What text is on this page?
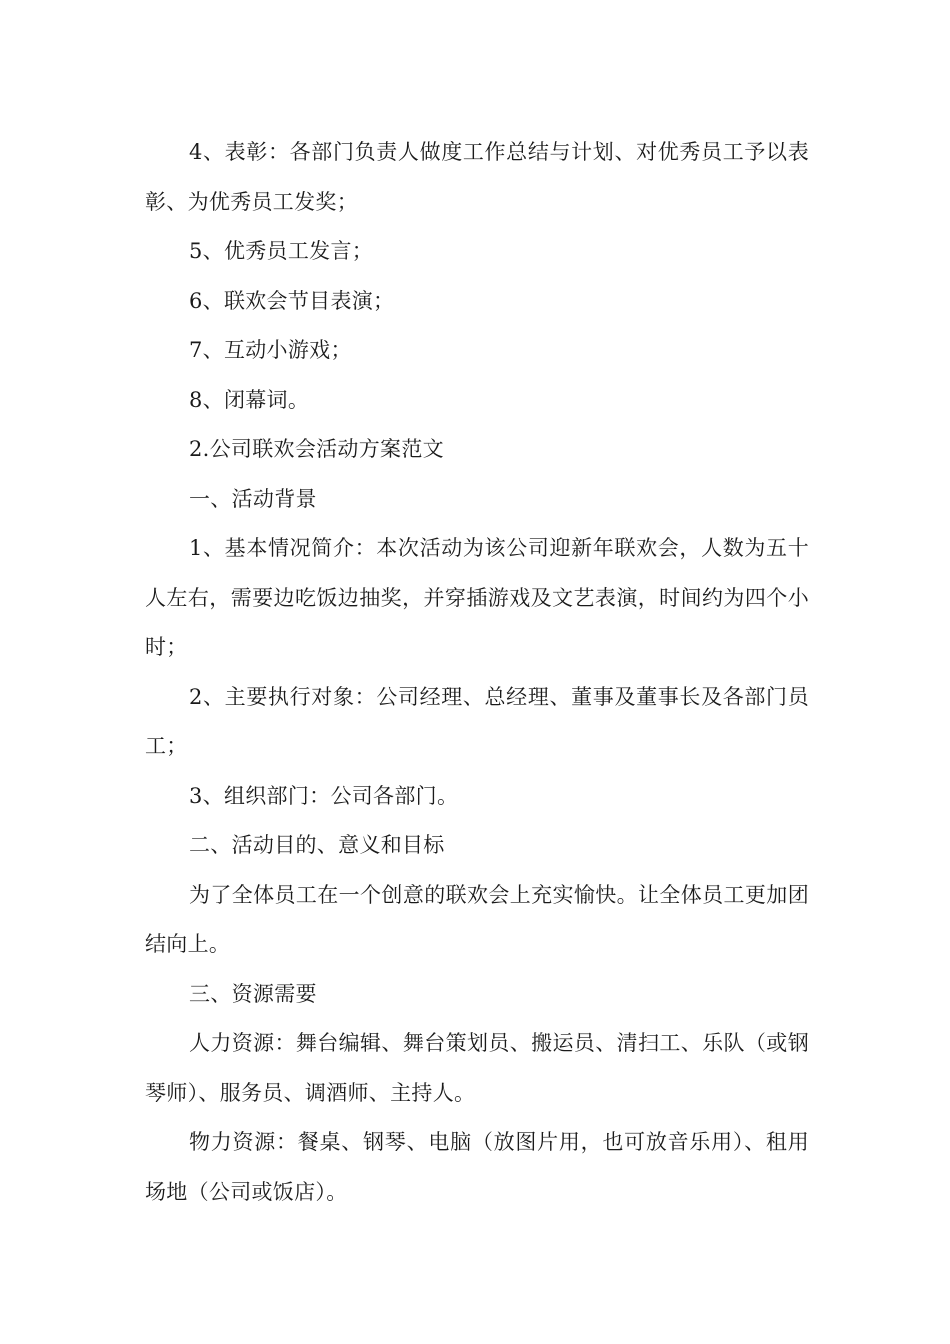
4、表彰：各部门负责人做度工作总结与计划、对优秀员工予以表彰、为优秀员工发奖；

5、优秀员工发言；

6、联欢会节目表演；

7、互动小游戏；

8、闭幕词。

2.公司联欢会活动方案范文

一、活动背景

1、基本情况简介：本次活动为该公司迎新年联欢会，人数为五十人左右，需要边吃饭边抽奖，并穿插游戏及文艺表演，时间约为四个小时；

2、主要执行对象：公司经理、总经理、董事及董事长及各部门员工；

3、组织部门：公司各部门。

二、活动目的、意义和目标

为了全体员工在一个创意的联欢会上充实愉快。让全体员工更加团结向上。

三、资源需要

人力资源：舞台编辑、舞台策划员、搬运员、清扫工、乐队（或钢琴师）、服务员、调酒师、主持人。

物力资源：餐桌、钢琴、电脑（放图片用，也可放音乐用）、租用场地（公司或饭店）。
